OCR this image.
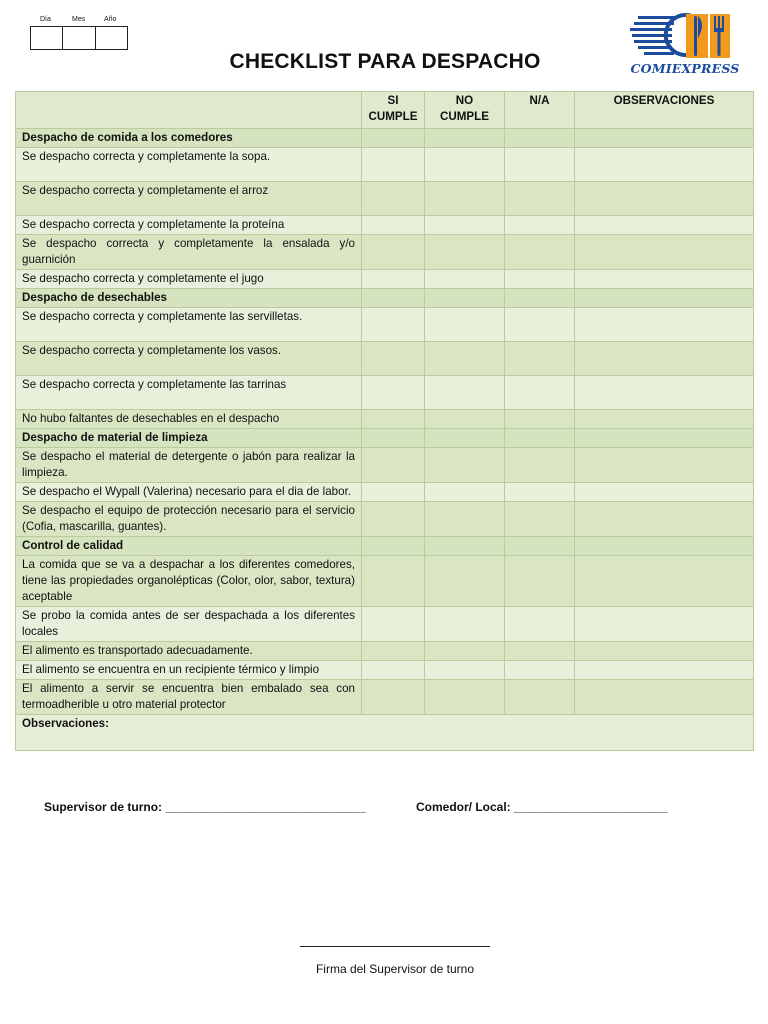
Día	Mes	Año
CHECKLIST PARA DESPACHO	COMIEXPRESS
	SI CUMPLE	NO CUMPLE	N/A	OBSERVACIONES
Despacho de comida a los comedores				
Se despacho correcta y completamente la sopa.				
Se despacho correcta y completamente el arroz				
Se despacho correcta y completamente la proteína				
Se despacho correcta y completamente la ensalada y/o guarnición				
Se despacho correcta y completamente el jugo				
Despacho de desechables				
Se despacho correcta y completamente las servilletas.				
Se despacho correcta y completamente los vasos.				
Se despacho correcta y completamente las tarrinas				
No hubo faltantes de desechables en el despacho				
Despacho de material de limpieza				
Se despacho el material de detergente o jabón para realizar la limpieza.				
Se despacho el Wypall (Valerina) necesario para el dia de labor.				
Se despacho el equipo de protección necesario para el servicio (Cofia, mascarilla, guantes).				
Control de calidad				
La comida que se va a despachar a los diferentes comedores, tiene las propiedades organolépticas (Color, olor, sabor, textura) aceptable				
Se probo la comida antes de ser despachada a los diferentes locales				
El alimento es transportado adecuadamente.				
El alimento se encuentra en un recipiente térmico y limpio				
El alimento a servir se encuentra bien embalado sea con termoadherible u otro material protector				
Observaciones:				
Supervisor de turno: ______________________________	Comedor/ Local: _______________________
Firma del Supervisor de turno
